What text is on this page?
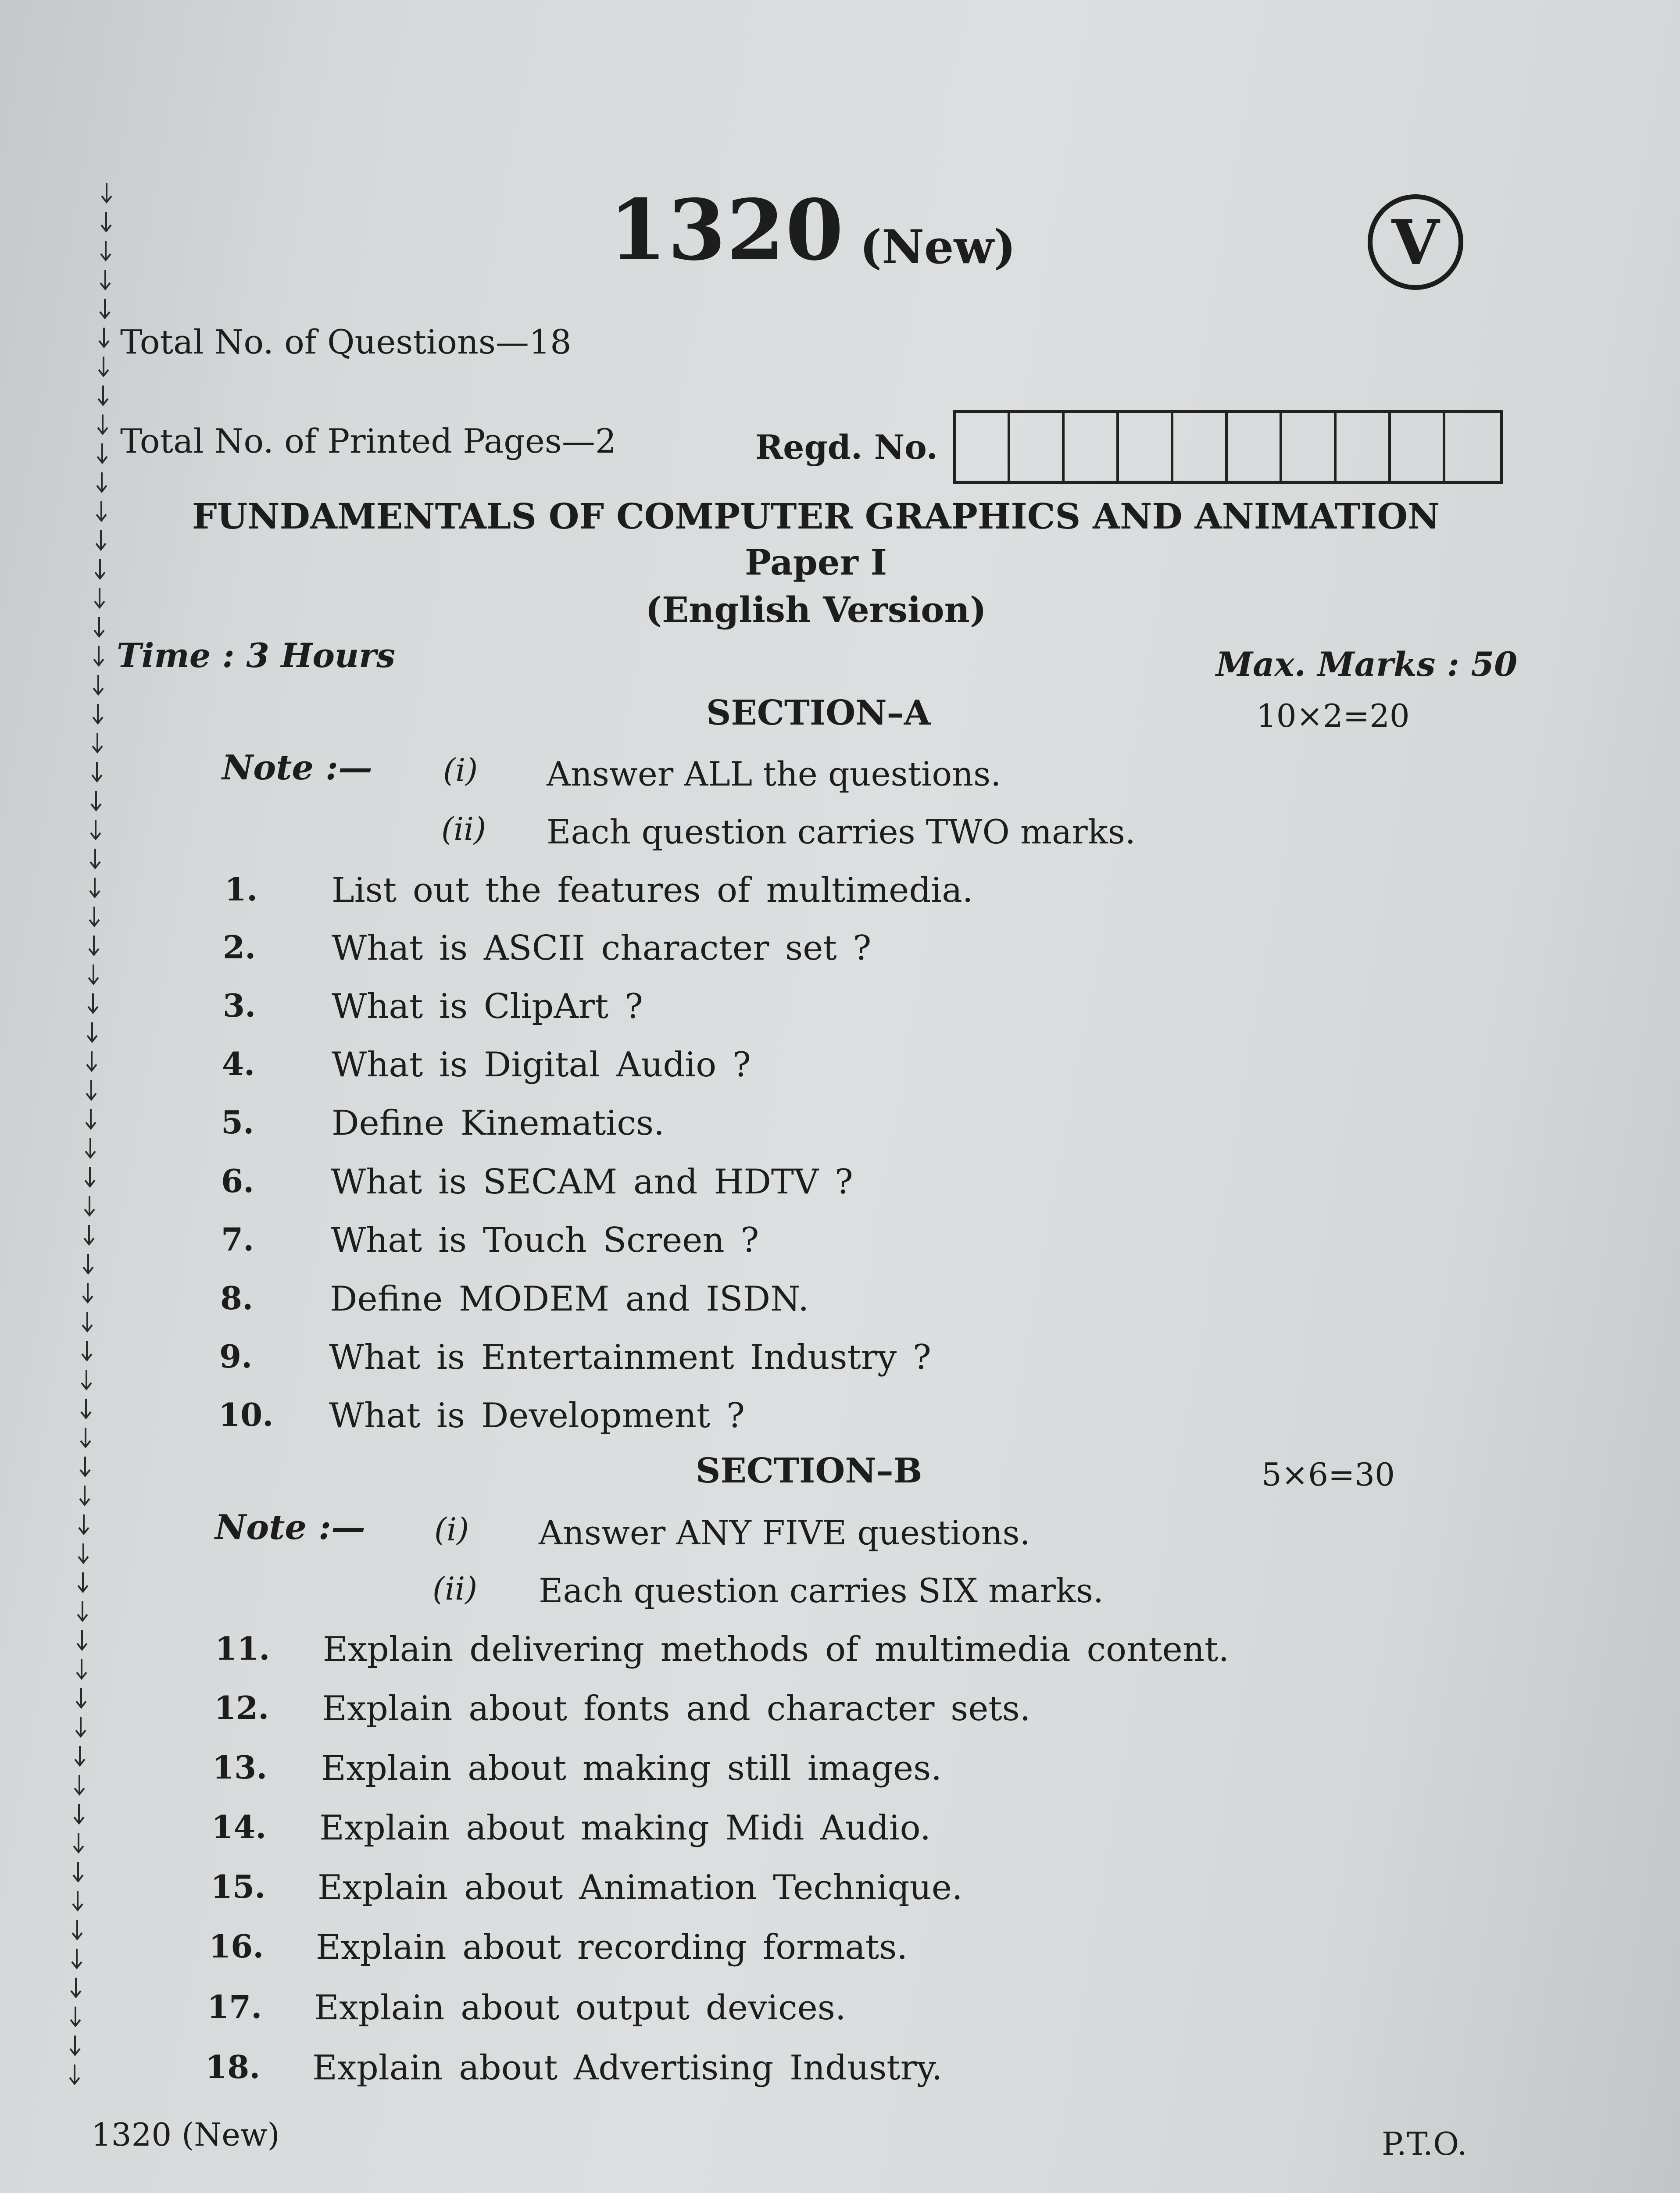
1320 (New)	V
Total No. of Questions—18
Total No. of Printed Pages—2	Regd. No.
FUNDAMENTALS OF COMPUTER GRAPHICS AND ANIMATION
Paper I
(English Version)
Time : 3 Hours	Max. Marks : 50
SECTION–A	10×2=20
Note :— (i) Answer ALL the questions.
(ii) Each question carries TWO marks.
1. List out the features of multimedia.
2. What is ASCII character set ?
3. What is ClipArt ?
4. What is Digital Audio ?
5. Define Kinematics.
6. What is SECAM and HDTV ?
7. What is Touch Screen ?
8. Define MODEM and ISDN.
9. What is Entertainment Industry ?
10. What is Development ?
SECTION–B	5×6=30
Note :— (i) Answer ANY FIVE questions.
(ii) Each question carries SIX marks.
11. Explain delivering methods of multimedia content.
12. Explain about fonts and character sets.
13. Explain about making still images.
14. Explain about making Midi Audio.
15. Explain about Animation Technique.
16. Explain about recording formats.
17. Explain about output devices.
18. Explain about Advertising Industry.
1320 (New)	P.T.O.
